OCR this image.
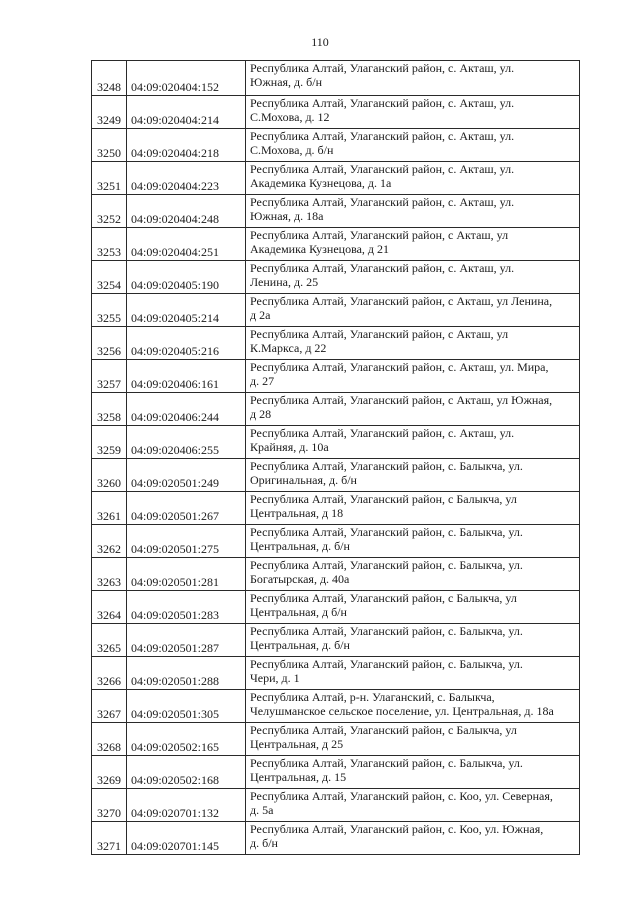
110
3248	04:09:020404:152	Республика Алтай, Улаганский район, с. Акташ, ул.
Южная, д. б/н

3249	04:09:020404:214	Республика Алтай, Улаганский район, с. Акташ, ул.
С.Мохова, д. 12

3250	04:09:020404:218	Республика Алтай, Улаганский район, с. Акташ, ул.
С.Мохова, д. б/н

3251	04:09:020404:223	Республика Алтай, Улаганский район, с. Акташ, ул.
Академика Кузнецова, д. 1а

3252	04:09:020404:248	Республика Алтай, Улаганский район, с. Акташ, ул.
Южная, д. 18а

3253	04:09:020404:251	Республика Алтай, Улаганский район, с Акташ, ул
Академика Кузнецова, д 21

3254	04:09:020405:190	Республика Алтай, Улаганский район, с. Акташ, ул.
Ленина, д. 25

3255	04:09:020405:214	Республика Алтай, Улаганский район, с Акташ, ул Ленина,
д 2а

3256	04:09:020405:216	Республика Алтай, Улаганский район, с Акташ, ул
К.Маркса, д 22

3257	04:09:020406:161	Республика Алтай, Улаганский район, с. Акташ, ул. Мира,
д. 27

3258	04:09:020406:244	Республика Алтай, Улаганский район, с Акташ, ул Южная,
д 28

3259	04:09:020406:255	Республика Алтай, Улаганский район, с. Акташ, ул.
Крайняя, д. 10а

3260	04:09:020501:249	Республика Алтай, Улаганский район, с. Балыкча, ул.
Оригинальная, д. б/н

3261	04:09:020501:267	Республика Алтай, Улаганский район, с Балыкча, ул
Центральная, д 18

3262	04:09:020501:275	Республика Алтай, Улаганский район, с. Балыкча, ул.
Центральная, д. б/н

3263	04:09:020501:281	Республика Алтай, Улаганский район, с. Балыкча, ул.
Богатырская, д. 40а

3264	04:09:020501:283	Республика Алтай, Улаганский район, с Балыкча, ул
Центральная, д б/н

3265	04:09:020501:287	Республика Алтай, Улаганский район, с. Балыкча, ул.
Центральная, д. б/н

3266	04:09:020501:288	Республика Алтай, Улаганский район, с. Балыкча, ул.
Чери, д. 1

3267	04:09:020501:305	Республика Алтай, р-н. Улаганский, с. Балыкча,
Челушманское сельское поселение, ул. Центральная, д. 18а

3268	04:09:020502:165	Республика Алтай, Улаганский район, с Балыкча, ул
Центральная, д 25

3269	04:09:020502:168	Республика Алтай, Улаганский район, с. Балыкча, ул.
Центральная, д. 15

3270	04:09:020701:132	Республика Алтай, Улаганский район, с. Коо, ул. Северная,
д. 5а

3271	04:09:020701:145	Республика Алтай, Улаганский район, с. Коо, ул. Южная,
д. б/н
